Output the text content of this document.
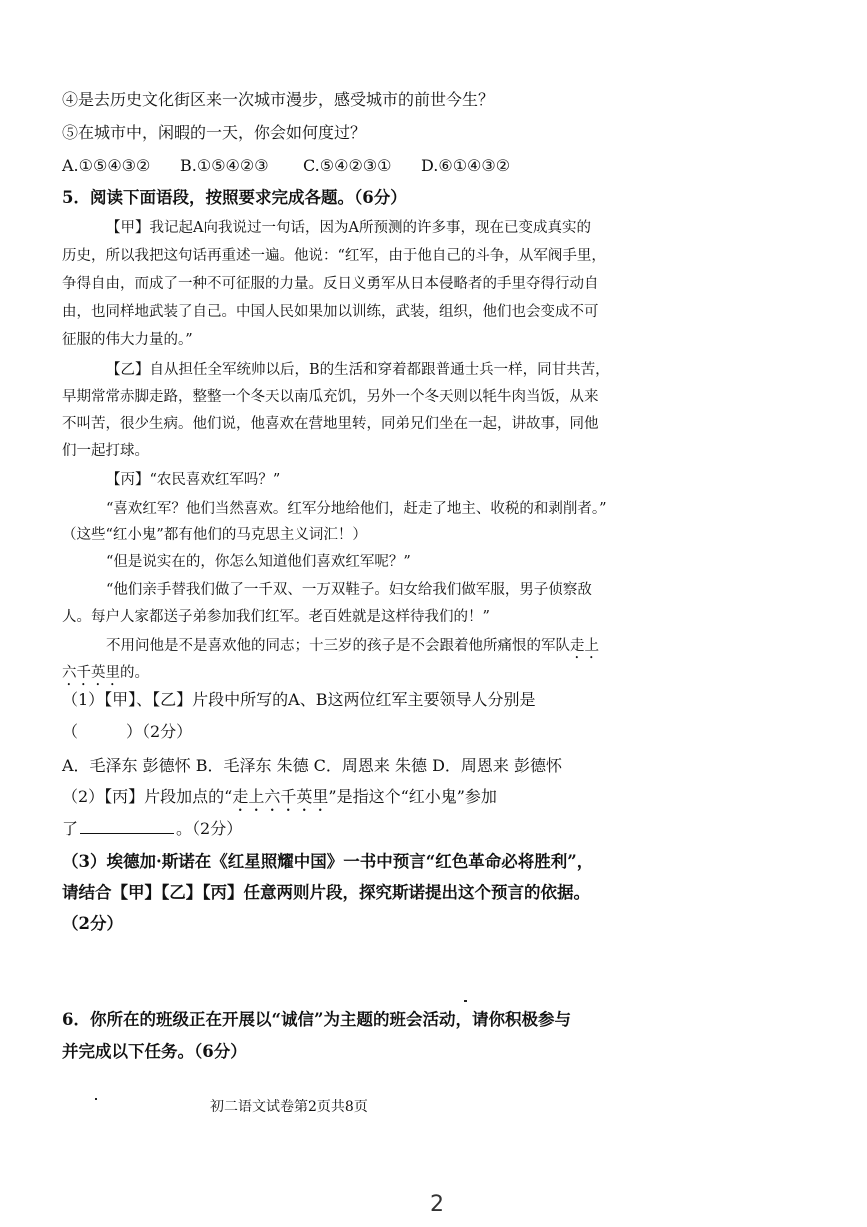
④是去历史文化街区来一次城市漫步，感受城市的前世今生？
⑤在城市中，闲暇的一天，你会如何度过？
A.①⑤④③② B.①⑤④②③ C.⑤④②③① D.⑥①④③②
5．阅读下面语段，按照要求完成各题。（6分）
【甲】我记起A向我说过一句话，因为A所预测的许多事，现在已变成真实的
历史，所以我把这句话再重述一遍。他说：“红军，由于他自己的斗争，从军阀手里，
争得自由，而成了一种不可征服的力量。反日义勇军从日本侵略者的手里夺得行动自
由，也同样地武装了自己。中国人民如果加以训练，武装，组织，他们也会变成不可
征服的伟大力量的。”
【乙】自从担任全军统帅以后，B的生活和穿着都跟普通士兵一样，同甘共苦，
早期常常赤脚走路，整整一个冬天以南瓜充饥，另外一个冬天则以牦牛肉当饭，从来
不叫苦，很少生病。他们说，他喜欢在营地里转，同弟兄们坐在一起，讲故事，同他
们一起打球。
【丙】“农民喜欢红军吗？”
“喜欢红军？他们当然喜欢。红军分地给他们，赶走了地主、收税的和剥削者。”
（这些“红小鬼”都有他们的马克思主义词汇！）
“但是说实在的，你怎么知道他们喜欢红军呢？”
“他们亲手替我们做了一千双、一万双鞋子。妇女给我们做军服，男子侦察敌
人。每户人家都送子弟参加我们红军。老百姓就是这样待我们的！”
不用问他是不是喜欢他的同志；十三岁的孩子是不会跟着他所痛恨的军队走上
六千英里的。
（1）【甲】、【乙】片段中所写的A、B这两位红军主要领导人分别是
（　　　）（2分）
A．毛泽东 彭德怀 B．毛泽东 朱德 C．周恩来 朱德 D．周恩来 彭德怀
（2）【丙】片段加点的“走上六千英里”是指这个“红小鬼”参加
了	。（2分）
（3）埃德加·斯诺在《红星照耀中国》一书中预言“红色革命必将胜利”，
请结合【甲】【乙】【丙】任意两则片段，探究斯诺提出这个预言的依据。
（2分）
6．你所在的班级正在开展以“诚信”为主题的班会活动，请你积极参与
并完成以下任务。（6分）
初二语文试卷第2页共8页
2
